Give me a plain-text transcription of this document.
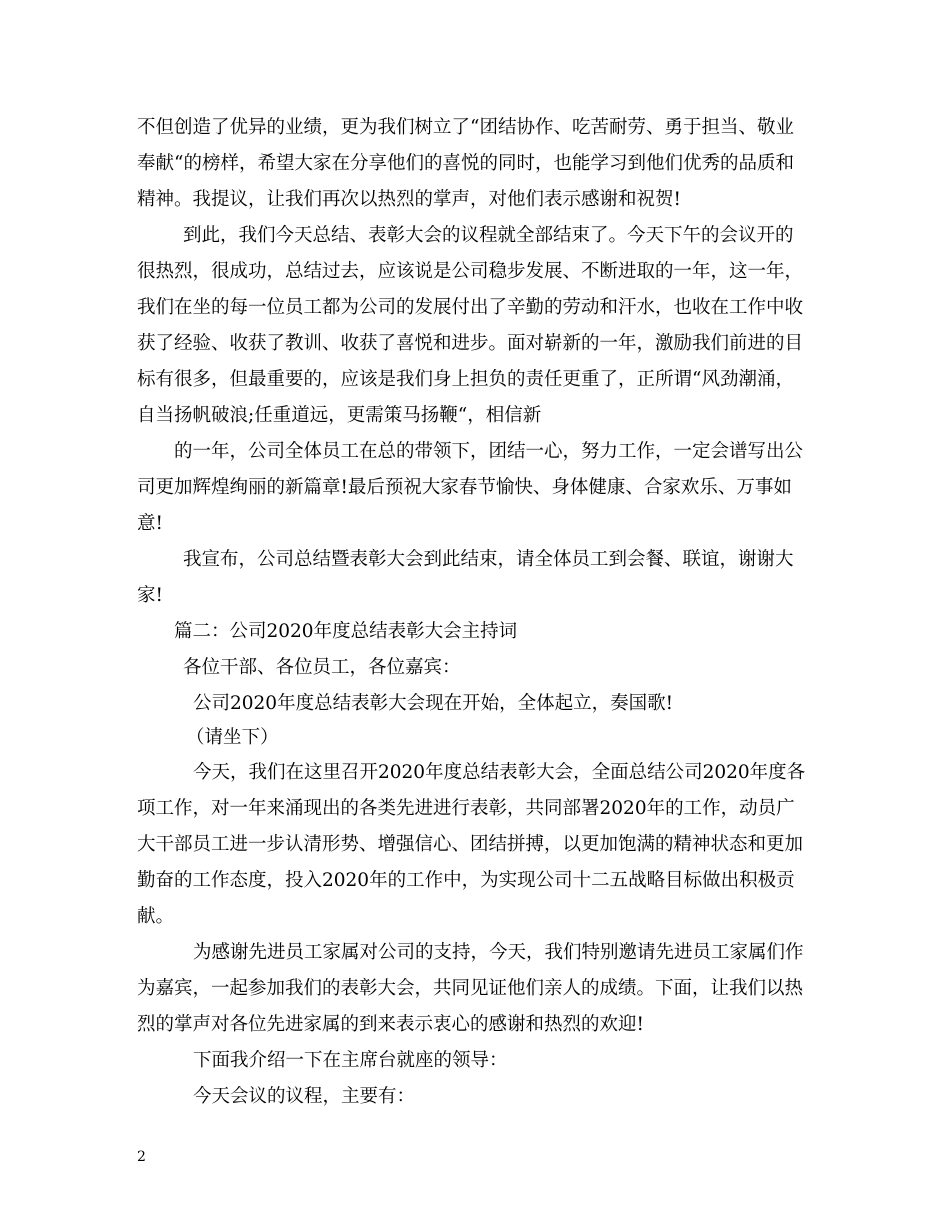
不但创造了优异的业绩，更为我们树立了“团结协作、吃苦耐劳、勇于担当、敬业
奉献“的榜样，希望大家在分享他们的喜悦的同时，也能学习到他们优秀的品质和
精神。我提议，让我们再次以热烈的掌声，对他们表示感谢和祝贺!
到此，我们今天总结、表彰大会的议程就全部结束了。今天下午的会议开的
很热烈，很成功，总结过去，应该说是公司稳步发展、不断进取的一年，这一年，
我们在坐的每一位员工都为公司的发展付出了辛勤的劳动和汗水，也收在工作中收
获了经验、收获了教训、收获了喜悦和进步。面对崭新的一年，激励我们前进的目
标有很多，但最重要的，应该是我们身上担负的责任更重了，正所谓“风劲潮涌，
自当扬帆破浪;任重道远，更需策马扬鞭“，相信新
的一年，公司全体员工在总的带领下，团结一心，努力工作，一定会谱写出公
司更加辉煌绚丽的新篇章!最后预祝大家春节愉快、身体健康、合家欢乐、万事如
意!
我宣布，公司总结暨表彰大会到此结束，请全体员工到会餐、联谊，谢谢大
家!
篇二：公司2020年度总结表彰大会主持词
各位干部、各位员工，各位嘉宾：
公司2020年度总结表彰大会现在开始，全体起立，奏国歌!
（请坐下）
今天，我们在这里召开2020年度总结表彰大会，全面总结公司2020年度各
项工作，对一年来涌现出的各类先进进行表彰，共同部署2020年的工作，动员广
大干部员工进一步认清形势、增强信心、团结拼搏，以更加饱满的精神状态和更加
勤奋的工作态度，投入2020年的工作中，为实现公司十二五战略目标做出积极贡
献。
为感谢先进员工家属对公司的支持，今天，我们特别邀请先进员工家属们作
为嘉宾，一起参加我们的表彰大会，共同见证他们亲人的成绩。下面，让我们以热
烈的掌声对各位先进家属的到来表示衷心的感谢和热烈的欢迎!
下面我介绍一下在主席台就座的领导：
今天会议的议程，主要有：
2
